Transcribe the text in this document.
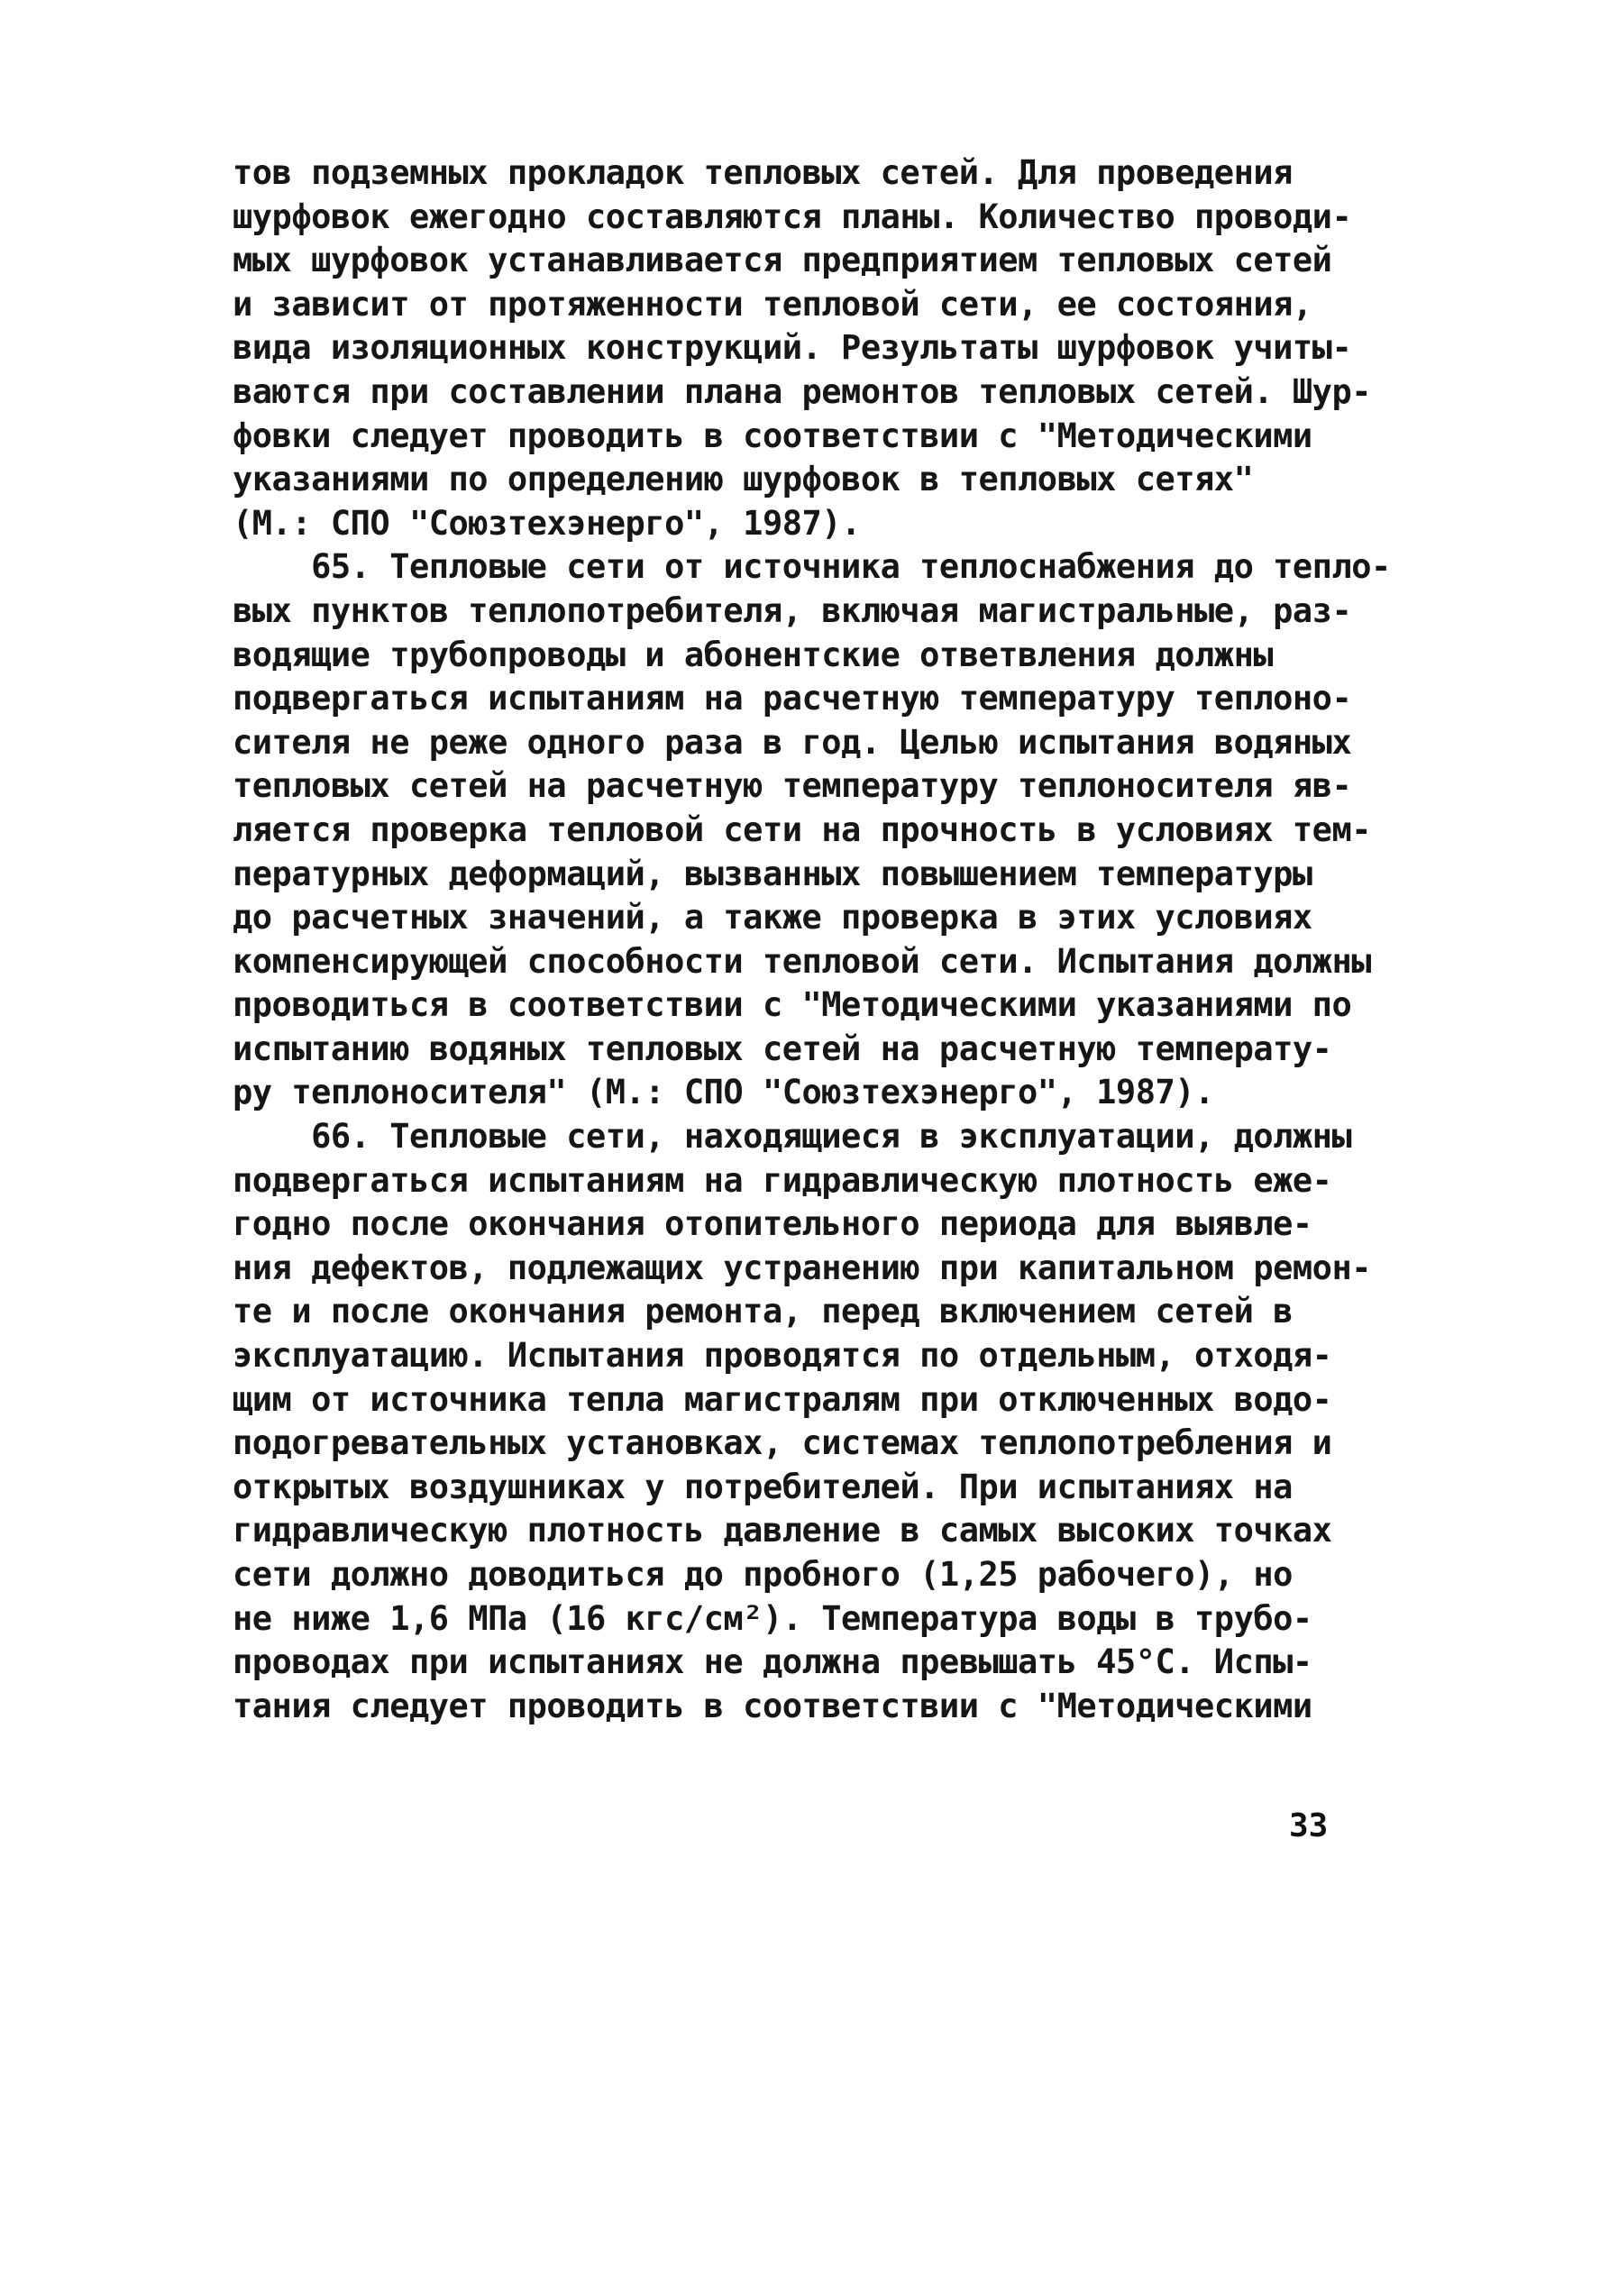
тов подземных прокладок тепловых сетей. Для проведения
шурфовок ежегодно составляются планы. Количество проводи-
мых шурфовок устанавливается предприятием тепловых сетей
и зависит от протяженности тепловой сети, ее состояния,
вида изоляционных конструкций. Результаты шурфовок учиты-
ваются при составлении плана ремонтов тепловых сетей. Шур-
фовки следует проводить в соответствии с "Методическими
указаниями по определению шурфовок в тепловых сетях"
(М.: СПО "Союзтехэнерго", 1987).
65. Тепловые сети от источника теплоснабжения до тепло-
вых пунктов теплопотребителя, включая магистральные, раз-
водящие трубопроводы и абонентские ответвления должны
подвергаться испытаниям на расчетную температуру теплоно-
сителя не реже одного раза в год. Целью испытания водяных
тепловых сетей на расчетную температуру теплоносителя яв-
ляется проверка тепловой сети на прочность в условиях тем-
пературных деформаций, вызванных повышением температуры
до расчетных значений, а также проверка в этих условиях
компенсирующей способности тепловой сети. Испытания должны
проводиться в соответствии с "Методическими указаниями по
испытанию водяных тепловых сетей на расчетную температу-
ру теплоносителя" (М.: СПО "Союзтехэнерго", 1987).
66. Тепловые сети, находящиеся в эксплуатации, должны
подвергаться испытаниям на гидравлическую плотность еже-
годно после окончания отопительного периода для выявле-
ния дефектов, подлежащих устранению при капитальном ремон-
те и после окончания ремонта, перед включением сетей в
эксплуатацию. Испытания проводятся по отдельным, отходя-
щим от источника тепла магистралям при отключенных водо-
подогревательных установках, системах теплопотребления и
открытых воздушниках у потребителей. При испытаниях на
гидравлическую плотность давление в самых высоких точках
сети должно доводиться до пробного (1,25 рабочего), но
не ниже 1,6 МПа (16 кгс/см²). Температура воды в трубо-
проводах при испытаниях не должна превышать 45°С. Испы-
тания следует проводить в соответствии с "Методическими
33
